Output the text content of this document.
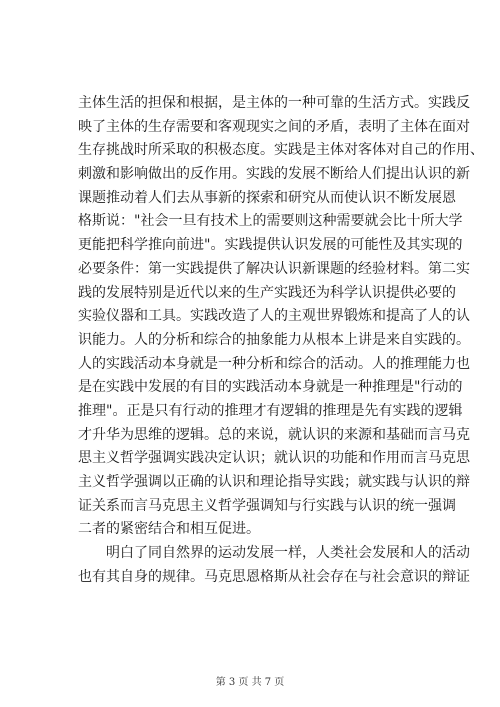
主体生活的担保和根据，是主体的一种可靠的生活方式。实践反
映了主体的生存需要和客观现实之间的矛盾，表明了主体在面对
生存挑战时所采取的积极态度。实践是主体对客体对自己的作用、
刺激和影响做出的反作用。实践的发展不断给人们提出认识的新
课题推动着人们去从事新的探索和研究从而使认识不断发展恩
格斯说："社会一旦有技术上的需要则这种需要就会比十所大学
更能把科学推向前进"。实践提供认识发展的可能性及其实现的
必要条件：第一实践提供了解决认识新课题的经验材料。第二实
践的发展特别是近代以来的生产实践还为科学认识提供必要的
实验仪器和工具。实践改造了人的主观世界锻炼和提高了人的认
识能力。人的分析和综合的抽象能力从根本上讲是来自实践的。
人的实践活动本身就是一种分析和综合的活动。人的推理能力也
是在实践中发展的有目的实践活动本身就是一种推理是"行动的
推理"。正是只有行动的推理才有逻辑的推理是先有实践的逻辑
才升华为思维的逻辑。总的来说，就认识的来源和基础而言马克
思主义哲学强调实践决定认识；就认识的功能和作用而言马克思
主义哲学强调以正确的认识和理论指导实践；就实践与认识的辩
证关系而言马克思主义哲学强调知与行实践与认识的统一强调
二者的紧密结合和相互促进。
明白了同自然界的运动发展一样，人类社会发展和人的活动
也有其自身的规律。马克思恩格斯从社会存在与社会意识的辩证
第 3 页 共 7 页
